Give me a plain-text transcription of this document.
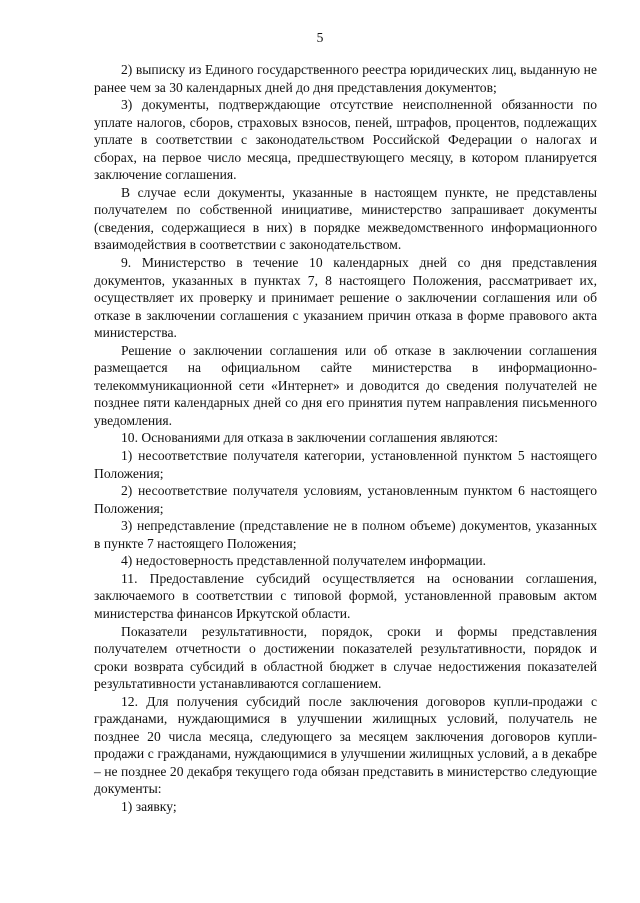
5

2) выписку из Единого государственного реестра юридических лиц, выданную не ранее чем за 30 календарных дней до дня представления документов;

3) документы, подтверждающие отсутствие неисполненной обязанности по уплате налогов, сборов, страховых взносов, пеней, штрафов, процентов, подлежащих уплате в соответствии с законодательством Российской Федерации о налогах и сборах, на первое число месяца, предшествующего месяцу, в котором планируется заключение соглашения.

В случае если документы, указанные в настоящем пункте, не представлены получателем по собственной инициативе, министерство запрашивает документы (сведения, содержащиеся в них) в порядке межведомственного информационного взаимодействия в соответствии с законодательством.

9. Министерство в течение 10 календарных дней со дня представления документов, указанных в пунктах 7, 8 настоящего Положения, рассматривает их, осуществляет их проверку и принимает решение о заключении соглашения или об отказе в заключении соглашения с указанием причин отказа в форме правового акта министерства.

Решение о заключении соглашения или об отказе в заключении соглашения размещается на официальном сайте министерства в информационно-телекоммуникационной сети «Интернет» и доводится до сведения получателей не позднее пяти календарных дней со дня его принятия путем направления письменного уведомления.

10. Основаниями для отказа в заключении соглашения являются:

1) несоответствие получателя категории, установленной пунктом 5 настоящего Положения;

2) несоответствие получателя условиям, установленным пунктом 6 настоящего Положения;

3) непредставление (представление не в полном объеме) документов, указанных в пункте 7 настоящего Положения;

4) недостоверность представленной получателем информации.

11. Предоставление субсидий осуществляется на основании соглашения, заключаемого в соответствии с типовой формой, установленной правовым актом министерства финансов Иркутской области.

Показатели результативности, порядок, сроки и формы представления получателем отчетности о достижении показателей результативности, порядок и сроки возврата субсидий в областной бюджет в случае недостижения показателей результативности устанавливаются соглашением.

12. Для получения субсидий после заключения договоров купли-продажи с гражданами, нуждающимися в улучшении жилищных условий, получатель не позднее 20 числа месяца, следующего за месяцем заключения договоров купли-продажи с гражданами, нуждающимися в улучшении жилищных условий, а в декабре – не позднее 20 декабря текущего года обязан представить в министерство следующие документы:

1) заявку;
